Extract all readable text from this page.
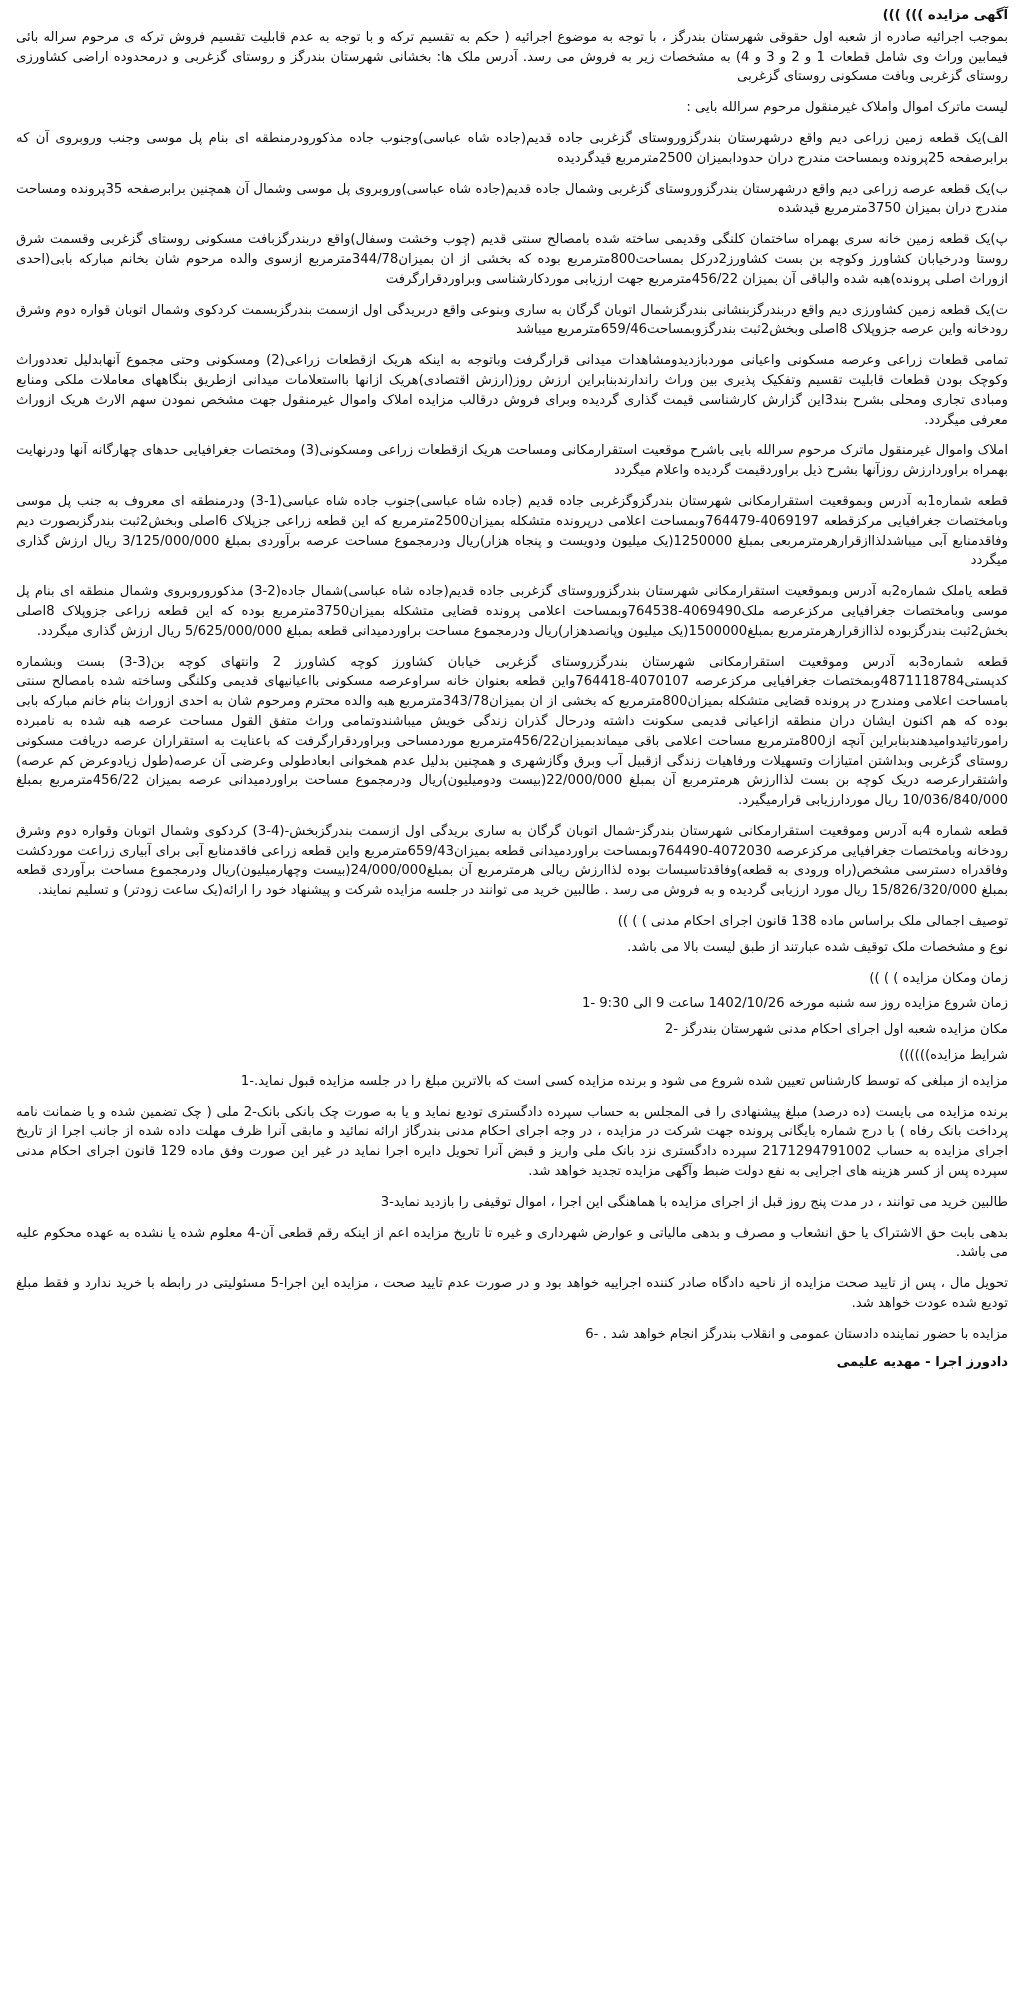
آگهی مزایده ))) )))

بموجب اجرائیه صادره از شعبه اول حقوقی شهرستان بندرگز ، با توجه به موضوع اجرائیه ( حکم به تقسیم ترکه و با توجه به عدم قابلیت تقسیم فروش ترکه ی مرحوم سراله بائی فیمابین وراث وی شامل قطعات 1 و 2 و 3 و 4) به مشخصات زیر به فروش می رسد. آدرس ملک ها: بخشانی شهرستان بندرگز و روستای گزغربی و درمحدوده اراضی کشاورزی روستای گزغربی وبافت مسکونی روستای گزغربی

لیست ماترک اموال واملاک غیرمنقول مرحوم سرالله بایی :

الف)یک قطعه زمین زراعی دیم واقع درشهرستان بندرگزوروستای گزغربی جاده قدیم(جاده شاه عباسی)وجنوب جاده مذکورودرمنطقه ای بنام پل موسی وجنب وروبروی آن که برابرصفحه 25پرونده وبمساحت مندرج دران حدودابمیزان 2500مترمربع قیدگردیده

ب)یک قطعه عرصه زراعی دیم واقع درشهرستان بندرگزوروستای گزغربی وشمال جاده قدیم(جاده شاه عباسی)وروبروی پل موسی وشمال آن همچنین برابرصفحه 35پرونده ومساحت مندرج دران بمیزان 3750مترمربع قیدشده

پ)یک قطعه زمین خانه سری بهمراه ساختمان کلنگی وقدیمی ساخته شده بامصالح سنتی قدیم (چوب وخشت وسفال)واقع دربندرگزبافت مسکونی روستای گزغربی وقسمت شرق روستا ودرخیابان کشاورز وکوچه بن بست کشاورز2درکل بمساحت800مترمربع بوده که بخشی از ان بمیزان344/78مترمربع ازسوی والده مرحوم شان بخانم مبارکه بابی(احدی ازوراث اصلی پرونده)هبه شده والباقی آن بمیزان 456/22مترمربع جهت ارزیابی موردکارشناسی وبراوردقرارگرفت

ت)یک قطعه زمین کشاورزی دیم واقع دربندرگزبنشانی بندرگزشمال اتوبان گرگان به ساری وبنوعی واقع دربریدگی اول ازسمت بندرگزبسمت کردکوی وشمال اتوبان قواره دوم وشرق رودخانه واین عرصه جزوپلاک 8اصلی وبخش2ثبت بندرگزوبمساحت659/46مترمربع میباشد

تمامی قطعات زراعی وعرصه مسکونی واعیانی موردبازدیدومشاهدات میدانی قرارگرفت وباتوجه به اینکه هریک ازقطعات زراعی(2) ومسکونی وحتی مجموع آنهابدلیل تعددوراث وکوچک بودن قطعات قابلیت تقسیم وتفکیک پذیری بین وراث راندارندبنابراین ارزش روز(ارزش اقتصادی)هریک ازانها بااستعلامات میدانی ازطریق بنگاههای معاملات ملکی ومنابع ومبادی تجاری ومحلی بشرح بند3این گزارش کارشناسی قیمت گذاری گردیده وبرای فروش درقالب مزایده املاک واموال غیرمنقول جهت مشخص نمودن سهم الارث هریک ازوراث معرفی میگردد.

املاک واموال غیرمنقول ماترک مرحوم سرالله بایی باشرح موقعیت استقرارمکانی ومساحت هریک ازقطعات زراعی ومسکونی(3) ومختصات جغرافیایی حدهای چهارگانه آنها ودرنهایت بهمراه براوردارزش روزآنها بشرح ذیل براوردقیمت گردیده واعلام میگردد

قطعه شماره1به آدرس وبموقعیت استقرارمکانی شهرستان بندرگزوگزغربی جاده قدیم (جاده شاه عباسی)جنوب جاده شاه عباسی(1-3) ودرمنطقه ای معروف به جنب پل موسی وبامختصات جغرافیایی مرکزقطعه 4069197-764479وبمساحت اعلامی درپرونده متشکله بمیزان2500مترمربع که این قطعه زراعی جزپلاک 6اصلی وبخش2ثبت بندرگزبصورت دیم وفاقدمنابع آبی میباشدلذاازقرارهرمترمربعی بمبلغ 1250000(یک میلیون ودویست و پنجاه هزار)ریال ودرمجموع مساحت عرصه برآوردی بمبلغ 3/125/000/000 ریال ارزش گذاری میگردد

قطعه یاملک شماره2به آدرس وبموقعیت استقرارمکانی شهرستان بندرگزوروستای گزغربی جاده قدیم(جاده شاه عباسی)شمال جاده(2-3) مذکوروروبروی وشمال منطقه ای بنام پل موسی وبامختصات جغرافیایی مرکزعرصه ملک4069490-764538وبمساحت اعلامی پرونده قضایی متشکله بمیزان3750مترمربع بوده که این قطعه زراعی جزوپلاک 8اصلی بخش2ثبت بندرگزبوده لذاازقرارهرمترمربع بمبلغ1500000(یک میلیون وپانصدهزار)ریال ودرمجموع مساحت براوردمیدانی قطعه بمبلغ 5/625/000/000 ریال ارزش گذاری میگردد.

قطعه شماره3به آدرس وموقعیت استقرارمکانی شهرستان بندرگزروستای گزغربی خیابان کشاورز کوچه کشاورز 2 وانتهای کوچه بن(3-3) بست وبشماره کدپستی4871118784وبمختصات جغرافیایی مرکزعرصه 4070107-764418واین قطعه بعنوان خانه سراوعرصه مسکونی بااعیانیهای قدیمی وکلنگی وساخته شده بامصالح سنتی بامساحت اعلامی ومندرج در پرونده قضایی متشکله بمیزان800مترمربع که بخشی از ان بمیزان343/78مترمربع هبه والده محترم ومرحوم شان به احدی ازوراث بنام خانم مبارکه بابی بوده که هم اکنون ایشان دران منطقه ازاعیانی قدیمی سکونت داشته ودرحال گذران زندگی خویش میباشندوتمامی وراث متفق القول مساحت عرصه هبه شده به نامبرده رامورتائیدوامیدهندبنابراین آنچه از800مترمربع مساحت اعلامی باقی میماندبمیزان456/22مترمربع موردمساحی وبراوردقرارگرفت که باعنایت به استقراران عرصه دریافت مسکونی روستای گزغربی وبداشتن امتیازات وتسهیلات ورفاهیات زندگی ازقبیل آب وبرق وگازشهری و همچنین بدلیل عدم همخوانی ابعادطولی وعرضی آن عرصه(طول زیادوعرض کم عرصه) واشتقرارعرصه دریک کوچه بن بست لذاارزش هرمترمربع آن بمبلغ 22/000/000(بیست ودومیلیون)ریال ودرمجموع مساحت براوردمیدانی عرصه بمیزان 456/22مترمربع بمبلغ 10/036/840/000 ریال موردارزیابی قرارمیگیرد.

قطعه شماره 4به آدرس وموقعیت استقرارمکانی شهرستان بندرگز-شمال اتوبان گرگان به ساری بریدگی اول ازسمت بندرگزبخش-(4-3) کردکوی وشمال اتوبان وقواره دوم وشرق رودخانه وبامختصات جغرافیایی مرکزعرصه 4072030-764490وبمساحت براوردمیدانی قطعه بمیزان659/43مترمربع واین قطعه زراعی فاقدمنابع آبی برای آبیاری زراعت موردکشت وفاقدراه دسترسی مشخص(راه ورودی به قطعه)وفاقدتاسیسات بوده لذاارزش ریالی هرمترمربع آن بمبلغ24/000/000(بیست وچهارمیلیون)ریال ودرمجموع مساحت برآوردی قطعه بمبلغ 15/826/320/000 ریال مورد ارزیابی گردیده و به فروش می رسد . طالبین خرید می توانند در جلسه مزایده شرکت و پیشنهاد خود را ارائه(یک ساعت زودتر) و تسلیم نمایند.

توصیف اجمالی ملک براساس ماده 138 قانون اجرای احکام مدنی ) ) ))

نوع و مشخصات ملک توقیف شده عبارتند از طبق لیست بالا می باشد.

زمان ومکان مزایده ) ) ))

زمان شروع مزایده روز سه شنبه مورخه 1402/10/26 ساعت 9 الی 9:30 -1

مکان مزایده شعبه اول اجرای احکام مدنی شهرستان بندرگز -2

شرایط مزایده))))))

مزایده از مبلغی که توسط کارشناس تعیین شده شروع می شود و برنده مزایده کسی است که بالاترین مبلغ را در جلسه مزایده قبول نماید.-1

برنده مزایده می بایست (ده درصد) مبلغ پیشنهادی را فی المجلس به حساب سپرده دادگستری تودیع نماید و یا به صورت چک بانکی بانک-2 ملی ( چک تضمین شده و یا ضمانت نامه پرداخت بانک رفاه ) با درج شماره بایگانی پرونده جهت شرکت در مزایده ، در وجه اجرای احکام مدنی بندرگاز ارائه نمائید و مابقی آنرا ظرف مهلت داده شده از جانب اجرا از تاریخ اجرای مزایده به حساب 2171294791002 سپرده دادگستری نزد بانک ملی واریز و قبض آنرا تحویل دایره اجرا نماید در غیر این صورت وفق ماده 129 قانون اجرای احکام مدنی سپرده پس از کسر هزینه های اجرایی به نفع دولت ضبط وآگهی مزایده تجدید خواهد شد.

طالبین خرید می توانند ، در مدت پنج روز قبل از اجرای مزایده با هماهنگی این اجرا ، اموال توقیفی را بازدید نماید-3

بدهی بابت حق الاشتراک یا حق انشعاب و مصرف و بدهی مالیاتی و عوارض شهرداری و غیره تا تاریخ مزایده اعم از اینکه رقم قطعی آن-4 معلوم شده یا نشده به عهده محکوم علیه می باشد.

تحویل مال ، پس از تایید صحت مزایده از ناحیه دادگاه صادر کننده اجراییه خواهد بود و در صورت عدم تایید صحت ، مزایده این اجرا-5 مسئولیتی در رابطه با خرید ندارد و فقط مبلغ تودیع شده عودت خواهد شد.

مزایده با حضور نماینده دادستان عمومی و انقلاب بندرگز انجام خواهد شد . -6

دادورز اجرا - مهدیه علیمی
